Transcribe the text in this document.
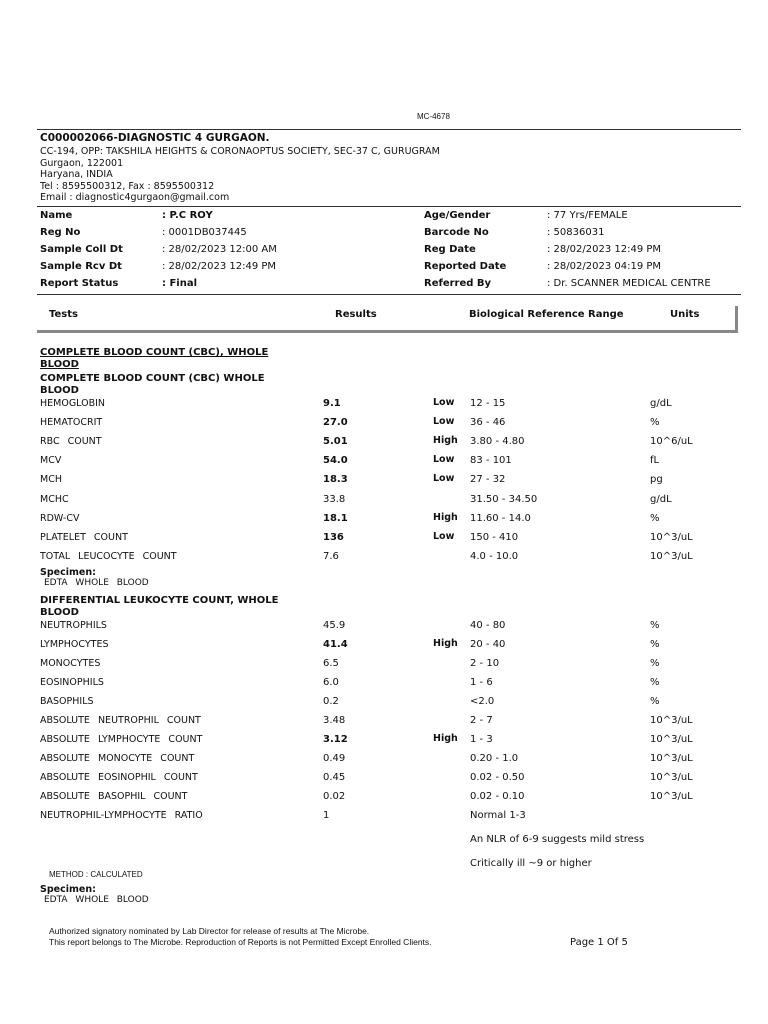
MC-4678
C000002066-DIAGNOSTIC 4 GURGAON.
CC-194, OPP: TAKSHILA HEIGHTS & CORONAOPTUS SOCIETY, SEC-37 C, GURUGRAM
Gurgaon, 122001
Haryana, INDIA
Tel : 8595500312, Fax : 8595500312
Email : diagnostic4gurgaon@gmail.com
Name	: P.C ROY
Reg No	: 0001DB037445
Sample Coll Dt	: 28/02/2023 12:00 AM
Sample Rcv Dt	: 28/02/2023 12:49 PM
Report Status	: Final
Age/Gender	: 77 Yrs/FEMALE
Barcode No	: 50836031
Reg Date	: 28/02/2023 12:49 PM
Reported Date	: 28/02/2023 04:19 PM
Referred By	: Dr. SCANNER MEDICAL CENTRE
Tests	Results	Biological Reference Range	Units
COMPLETE BLOOD COUNT (CBC), WHOLE
BLOOD
COMPLETE BLOOD COUNT (CBC) WHOLE
BLOOD
HEMOGLOBIN	9.1	Low 12 - 15	g/dL
HEMATOCRIT	27.0	Low 36 - 46	%
RBC COUNT	5.01	High 3.80 - 4.80	10^6/uL
MCV	54.0	Low 83 - 101	fL
MCH	18.3	Low 27 - 32	pg
MCHC	33.8	31.50 - 34.50	g/dL
RDW-CV	18.1	High 11.60 - 14.0	%
PLATELET COUNT	136	Low 150 - 410	10^3/uL
TOTAL LEUCOCYTE COUNT	7.6	4.0 - 10.0	10^3/uL
Specimen:
EDTA WHOLE BLOOD
DIFFERENTIAL LEUKOCYTE COUNT, WHOLE
BLOOD
NEUTROPHILS	45.9	40 - 80	%
LYMPHOCYTES	41.4	High 20 - 40	%
MONOCYTES	6.5	2 - 10	%
EOSINOPHILS	6.0	1 - 6	%
BASOPHILS	0.2	<2.0	%
ABSOLUTE NEUTROPHIL COUNT	3.48	2 - 7	10^3/uL
ABSOLUTE LYMPHOCYTE COUNT	3.12	High 1 - 3	10^3/uL
ABSOLUTE MONOCYTE COUNT	0.49	0.20 - 1.0	10^3/uL
ABSOLUTE EOSINOPHIL COUNT	0.45	0.02 - 0.50	10^3/uL
ABSOLUTE BASOPHIL COUNT	0.02	0.02 - 0.10	10^3/uL
NEUTROPHIL-LYMPHOCYTE RATIO	1	Normal 1-3
An NLR of 6-9 suggests mild stress
Critically ill ~9 or higher
METHOD : CALCULATED
Specimen:
EDTA WHOLE BLOOD
Authorized signatory nominated by Lab Director for release of results at The Microbe.
This report belongs to The Microbe. Reproduction of Reports is not Permitted Except Enrolled Clients.	Page 1 Of 5
